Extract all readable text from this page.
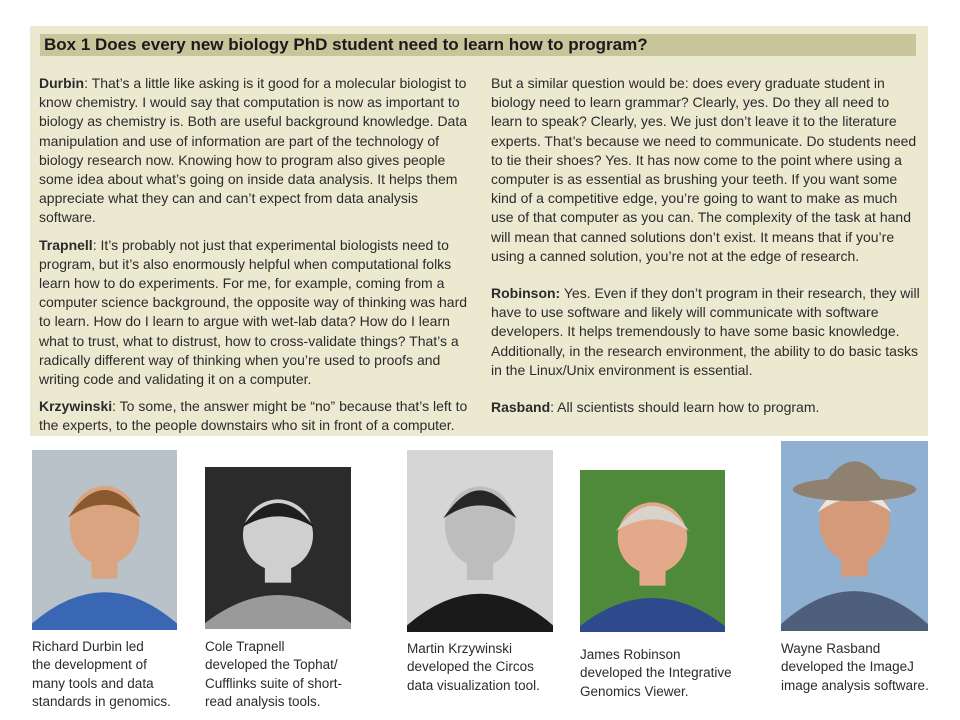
Box 1 Does every new biology PhD student need to learn how to program?

Durbin: That’s a little like asking is it good for a molecular biologist to know chemistry. I would say that computation is now as important to biology as chemistry is. Both are useful background knowledge. Data manipulation and use of information are part of the technology of biology research now. Knowing how to program also gives people some idea about what’s going on inside data analysis. It helps them appreciate what they can and can’t expect from data analysis software.

Trapnell: It’s probably not just that experimental biologists need to program, but it’s also enormously helpful when computational folks learn how to do experiments. For me, for example, coming from a computer science background, the opposite way of thinking was hard to learn. How do I learn to argue with wet-lab data? How do I learn what to trust, what to distrust, how to cross-validate things? That’s a radically different way of thinking when you’re used to proofs and writing code and validating it on a computer.

Krzywinski: To some, the answer might be “no” because that’s left to the experts, to the people downstairs who sit in front of a computer.

But a similar question would be: does every graduate student in biology need to learn grammar? Clearly, yes. Do they all need to learn to speak? Clearly, yes. We just don’t leave it to the literature experts. That’s because we need to communicate. Do students need to tie their shoes? Yes. It has now come to the point where using a computer is as essential as brushing your teeth. If you want some kind of a competitive edge, you’re going to want to make as much use of that computer as you can. The complexity of the task at hand will mean that canned solutions don’t exist. It means that if you’re using a canned solution, you’re not at the edge of research.

Robinson: Yes. Even if they don’t program in their research, they will have to use software and likely will communicate with software developers. It helps tremendously to have some basic knowledge. Additionally, in the research environment, the ability to do basic tasks in the Linux/Unix environment is essential.

Rasband: All scientists should learn how to program.

Richard Durbin led
the development of
many tools and data
standards in genomics.
Cole Trapnell
developed the Tophat/
Cufflinks suite of short-
read analysis tools.
Martin Krzywinski
developed the Circos
data visualization tool.
James Robinson
developed the Integrative
Genomics Viewer.
Wayne Rasband
developed the ImageJ
image analysis software.
